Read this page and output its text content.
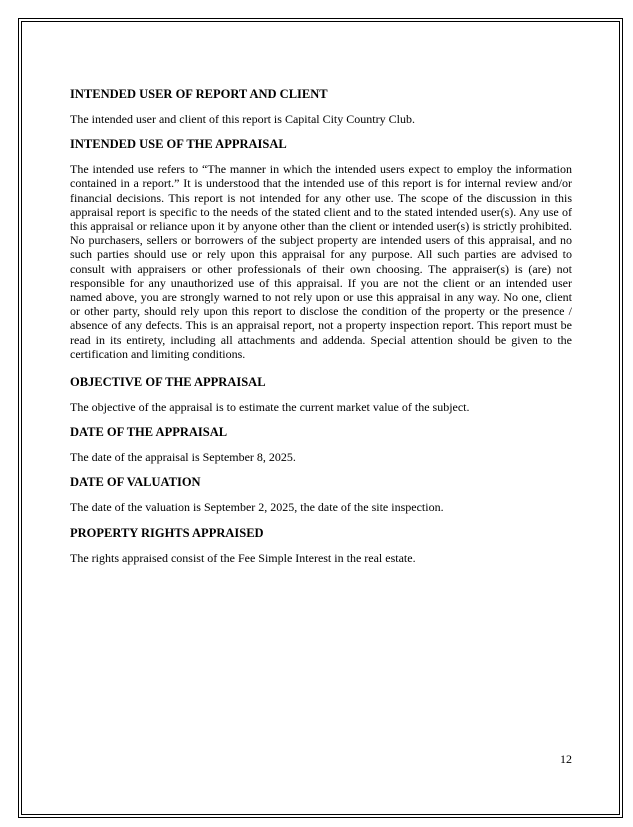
INTENDED USER OF REPORT AND CLIENT
The intended user and client of this report is Capital City Country Club.
INTENDED USE OF THE APPRAISAL
The intended use refers to “The manner in which the intended users expect to employ the information contained in a report.” It is understood that the intended use of this report is for internal review and/or financial decisions. This report is not intended for any other use. The scope of the discussion in this appraisal report is specific to the needs of the stated client and to the stated intended user(s). Any use of this appraisal or reliance upon it by anyone other than the client or intended user(s) is strictly prohibited. No purchasers, sellers or borrowers of the subject property are intended users of this appraisal, and no such parties should use or rely upon this appraisal for any purpose. All such parties are advised to consult with appraisers or other professionals of their own choosing. The appraiser(s) is (are) not responsible for any unauthorized use of this appraisal. If you are not the client or an intended user named above, you are strongly warned to not rely upon or use this appraisal in any way. No one, client or other party, should rely upon this report to disclose the condition of the property or the presence / absence of any defects. This is an appraisal report, not a property inspection report. This report must be read in its entirety, including all attachments and addenda. Special attention should be given to the certification and limiting conditions.
OBJECTIVE OF THE APPRAISAL
The objective of the appraisal is to estimate the current market value of the subject.
DATE OF THE APPRAISAL
The date of the appraisal is September 8, 2025.
DATE OF VALUATION
The date of the valuation is September 2, 2025, the date of the site inspection.
PROPERTY RIGHTS APPRAISED
The rights appraised consist of the Fee Simple Interest in the real estate.
12
